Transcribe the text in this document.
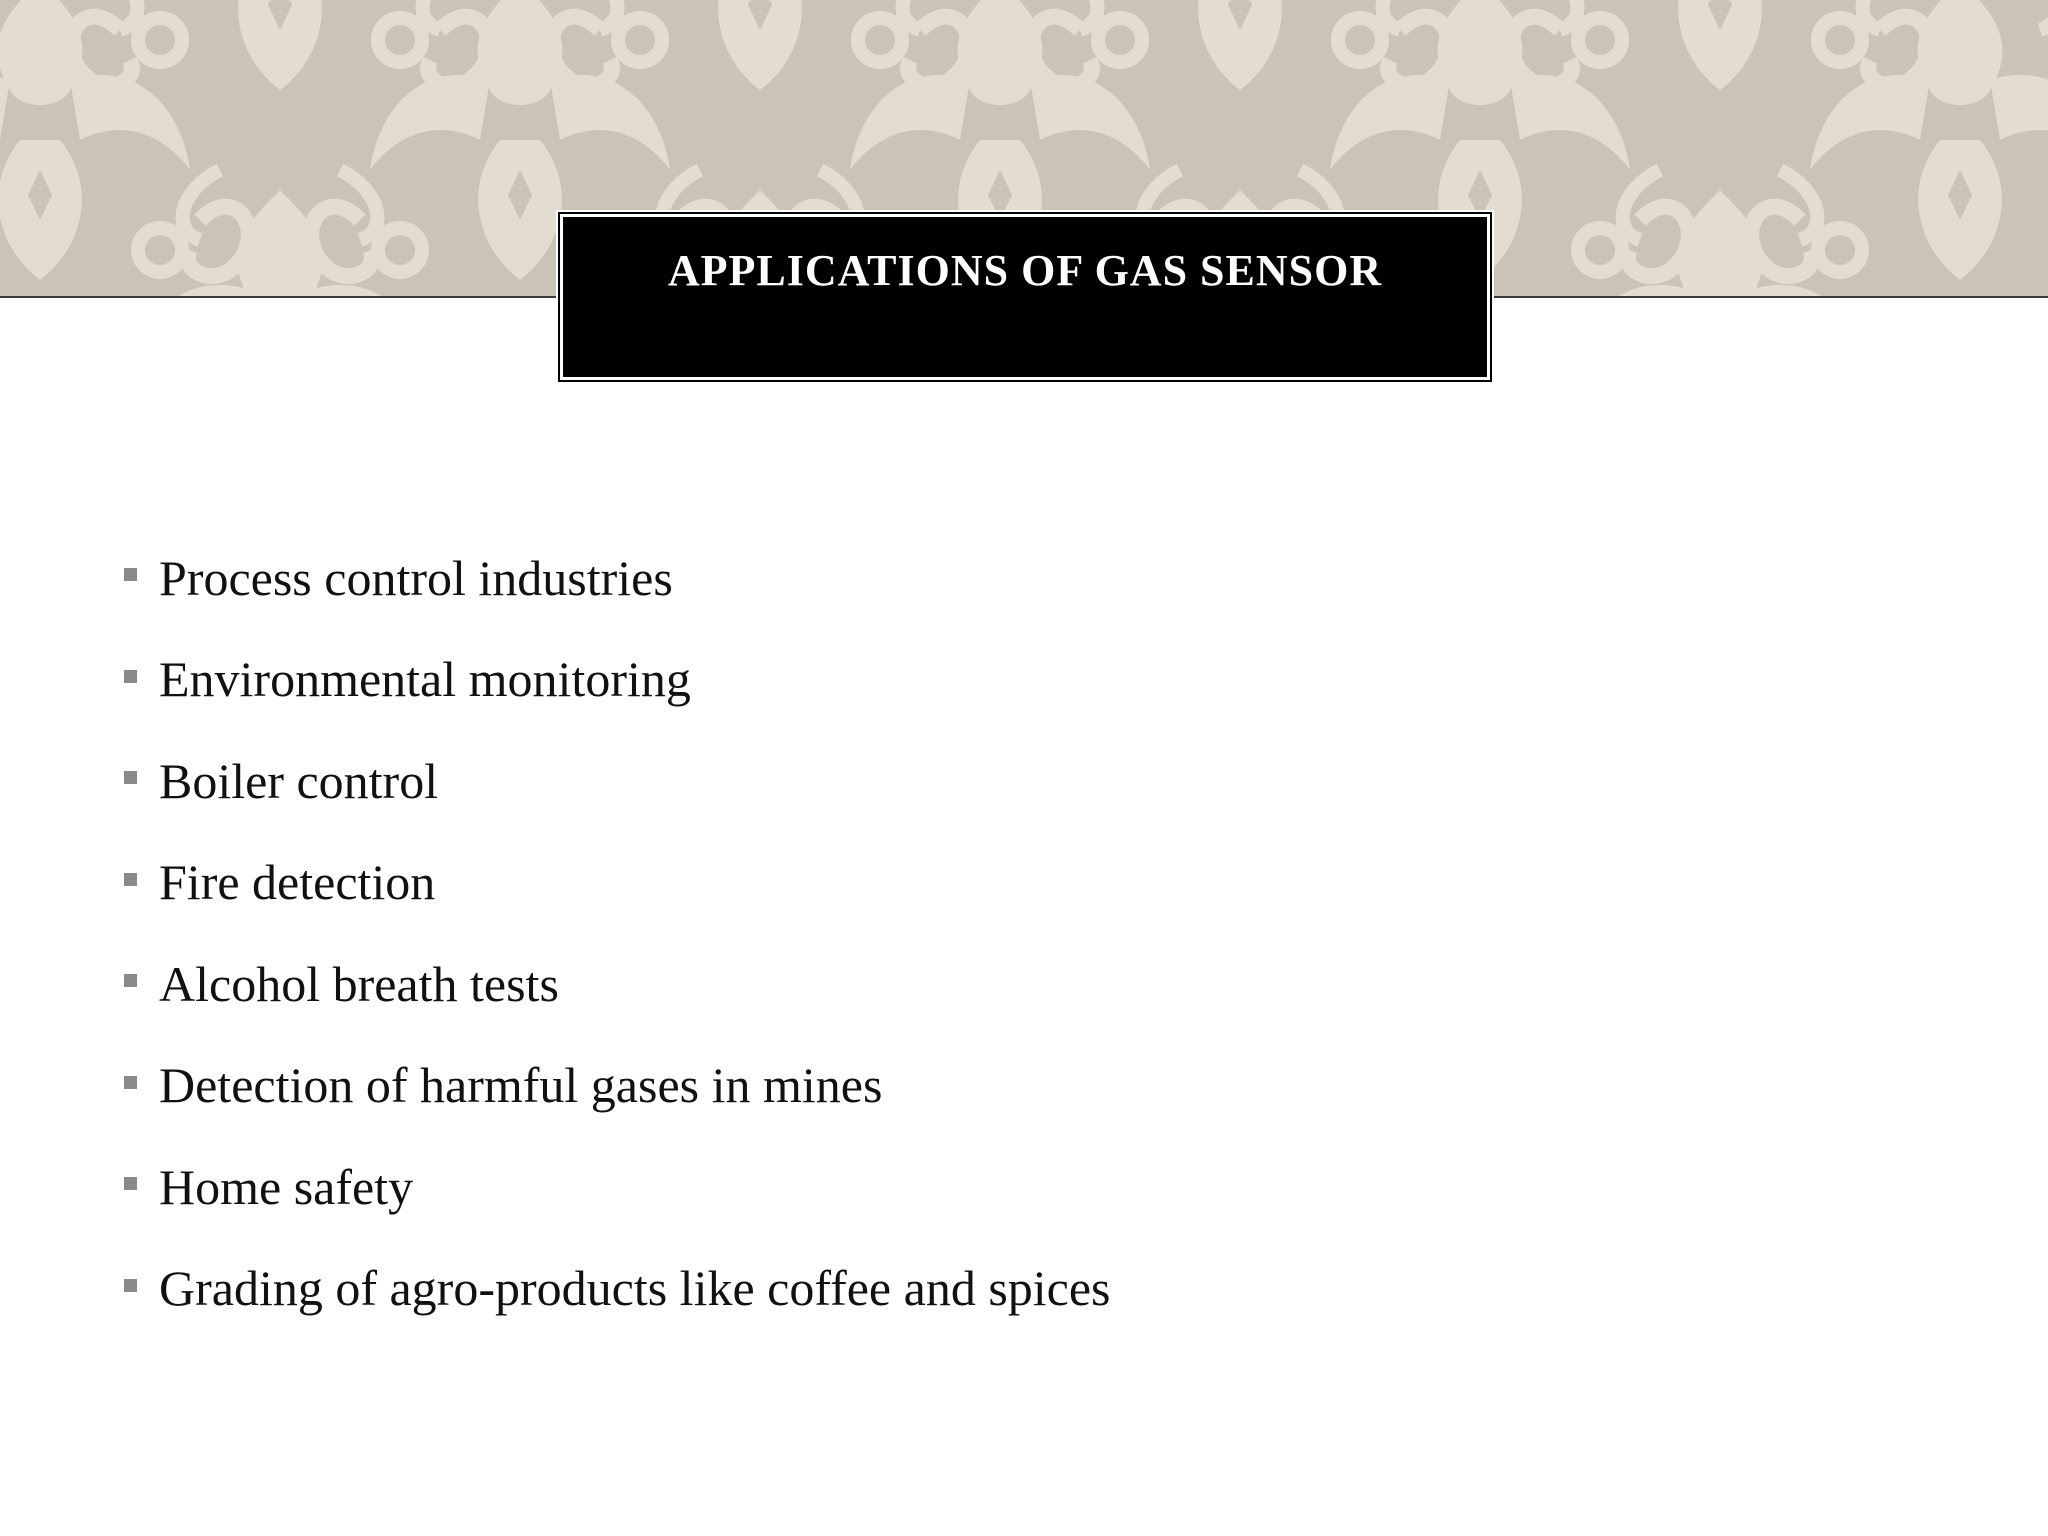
APPLICATIONS OF GAS SENSOR
Process control industries
Environmental monitoring
Boiler control
Fire detection
Alcohol breath tests
Detection of harmful gases in mines
Home safety
Grading of agro-products like coffee and spices
